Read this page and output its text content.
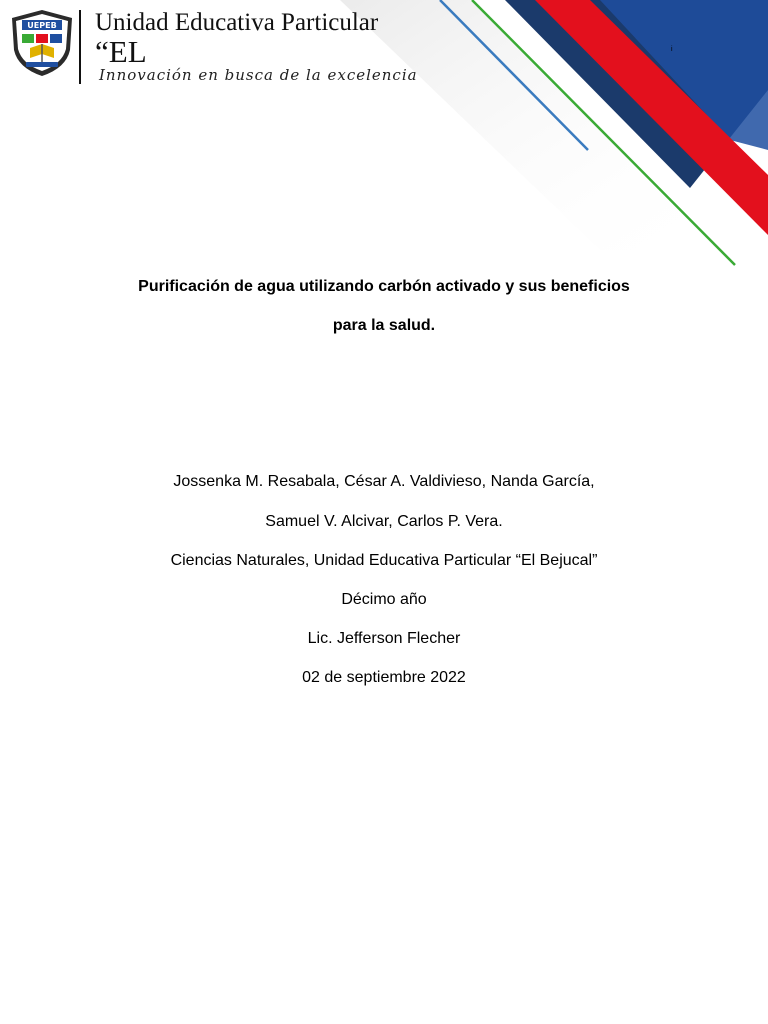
UEPEB Unidad Educativa Particular
“EL
Innovación en busca de la excelencia
i

Purificación de agua utilizando carbón activado y sus beneficios

para la salud.

Jossenka M. Resabala, César A. Valdivieso, Nanda García,

Samuel V. Alcivar, Carlos P. Vera.

Ciencias Naturales, Unidad Educativa Particular “El Bejucal”

Décimo año

Lic. Jefferson Flecher

02 de septiembre 2022
